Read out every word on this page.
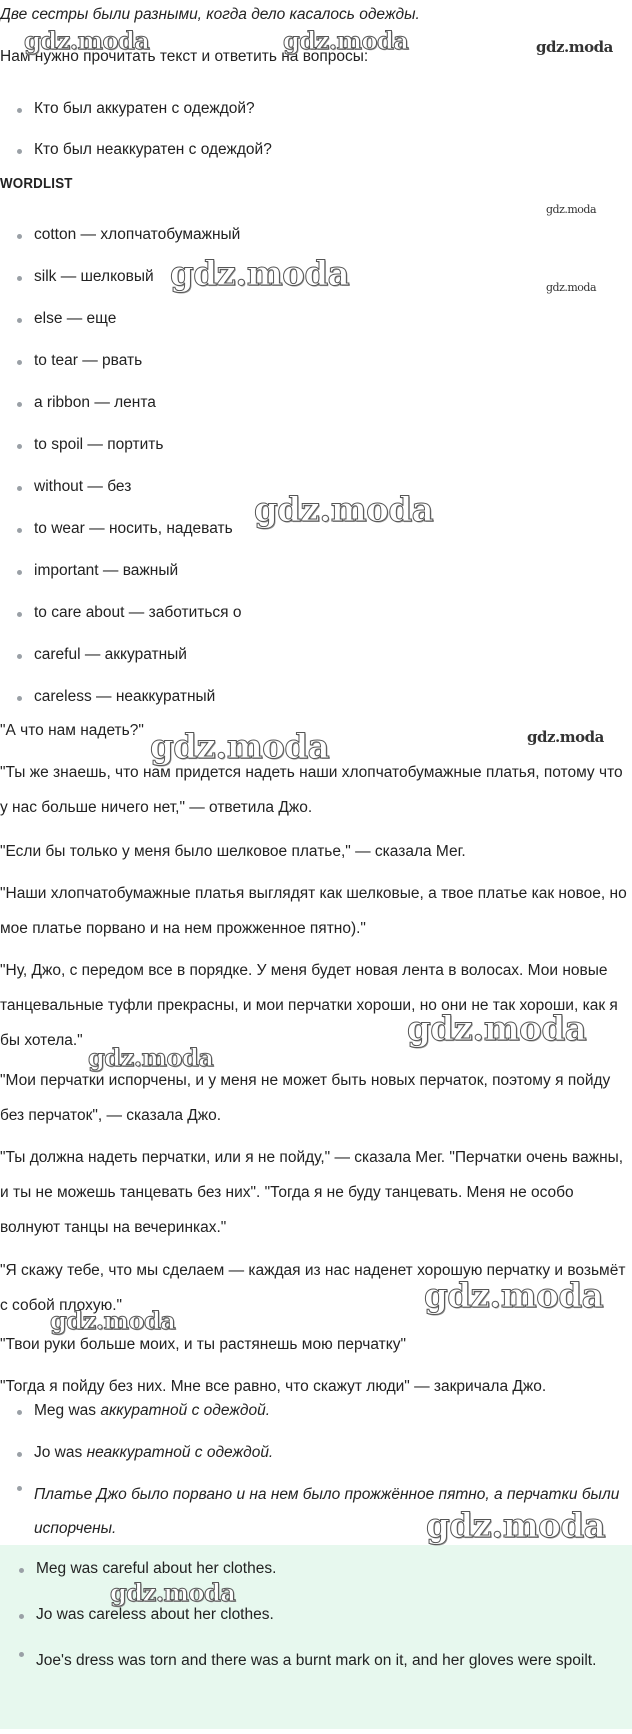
Две сестры были разными, когда дело касалось одежды.

Нам нужно прочитать текст и ответить на вопросы:

Кто был аккуратен с одеждой?
Кто был неаккуратен с одеждой?
WORDLIST
cotton — хлопчатобумажный
silk — шелковый
else — еще
to tear — рвать
a ribbon — лента
to spoil — портить
without — без
to wear — носить, надевать
important — важный
to care about — заботиться о
careful — аккуратный
careless — неаккуратный

"А что нам надеть?"

"Ты же знаешь, что нам придется надеть наши хлопчатобумажные платья, потому что у нас больше ничего нет," — ответила Джо.

"Если бы только у меня было шелковое платье," — сказала Мег.

"Наши хлопчатобумажные платья выглядят как шелковые, а твое платье как новое, но мое платье порвано и на нем прожженное пятно)."

"Ну, Джо, с передом все в порядке. У меня будет новая лента в волосах. Мои новые танцевальные туфли прекрасны, и мои перчатки хороши, но они не так хороши, как я бы хотела."

"Мои перчатки испорчены, и у меня не может быть новых перчаток, поэтому я пойду без перчаток", — сказала Джо.

"Ты должна надеть перчатки, или я не пойду," — сказала Мег. "Перчатки очень важны, и ты не можешь танцевать без них". "Тогда я не буду танцевать. Меня не особо волнуют танцы на вечеринках."

"Я скажу тебе, что мы сделаем — каждая из нас наденет хорошую перчатку и возьмёт с собой плохую."

"Твои руки больше моих, и ты растянешь мою перчатку"

"Тогда я пойду без них. Мне все равно, что скажут люди" — закричала Джо.

Meg was аккуратной с одеждой.
Jo was неаккуратной с одеждой.
Платье Джо было порвано и на нем было прожжённое пятно, а перчатки были испорчены.
Meg was careful about her clothes.
Jo was careless about her clothes.
Joe's dress was torn and there was a burnt mark on it, and her gloves were spoilt.
gdz.moda	gdz.moda	gdz.moda
gdz.moda
gdz.moda	gdz.moda
gdz.moda
gdz.moda	gdz.moda
gdz.moda
gdz.moda
gdz.moda
gdz.moda
gdz.moda
gdz.moda
